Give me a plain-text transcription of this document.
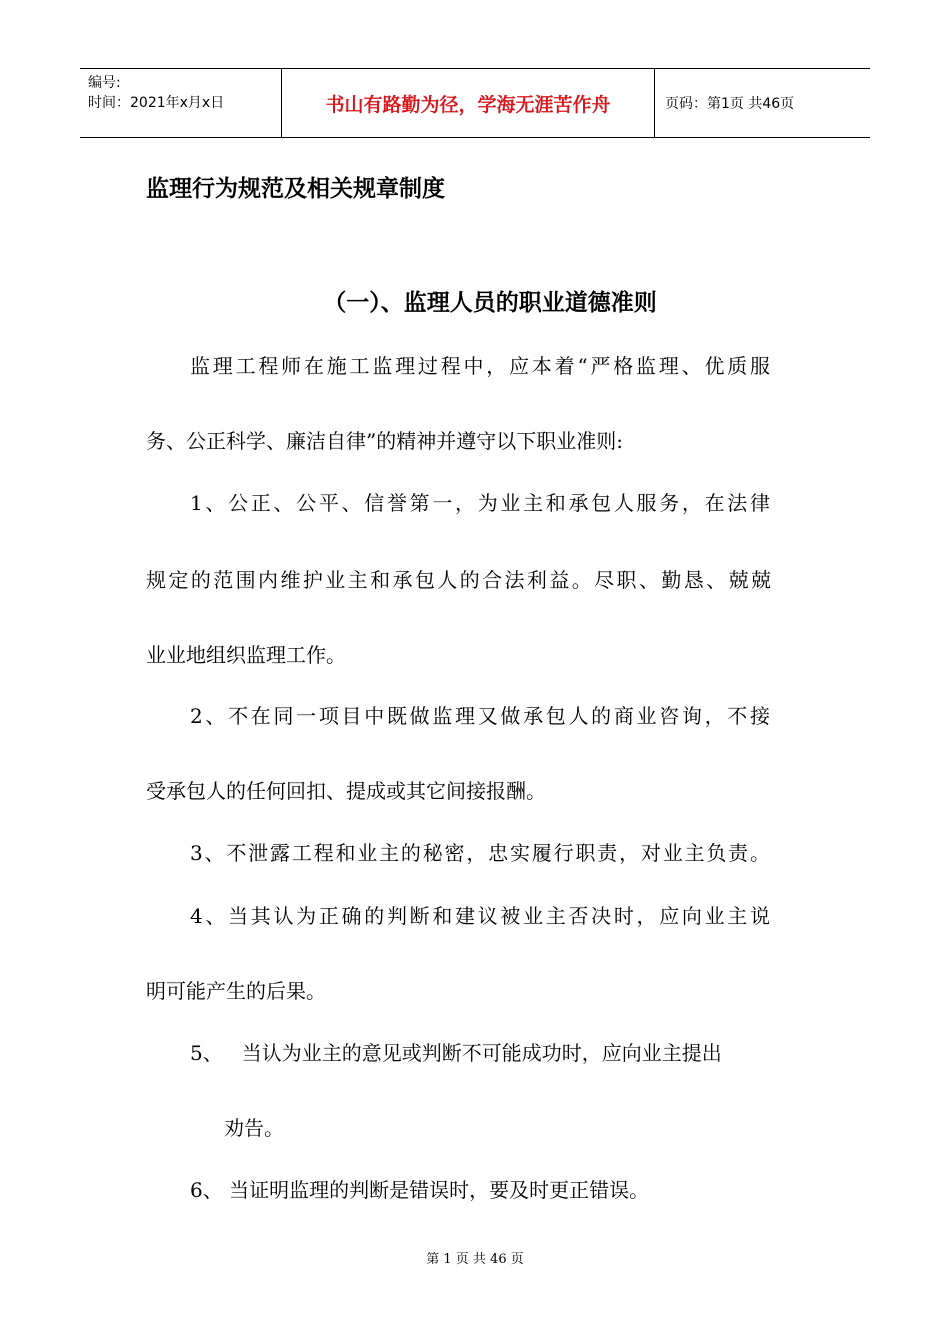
编号:
时间：2021年x月x日	书山有路勤为径，学海无涯苦作舟	页码：第1页 共46页
监理行为规范及相关规章制度
（一）、监理人员的职业道德准则
监理工程师在施工监理过程中，应本着“严格监理、优质服
务、公正科学、廉洁自律”的精神并遵守以下职业准则:
1、公正、公平、信誉第一，为业主和承包人服务，在法律
规定的范围内维护业主和承包人的合法利益。尽职、勤恳、兢兢
业业地组织监理工作。
2、不在同一项目中既做监理又做承包人的商业咨询，不接
受承包人的任何回扣、提成或其它间接报酬。
3、不泄露工程和业主的秘密，忠实履行职责，对业主负责。
4、当其认为正确的判断和建议被业主否决时，应向业主说
明可能产生的后果。
5、   当认为业主的意见或判断不可能成功时，应向业主提出
劝告。
6、 当证明监理的判断是错误时，要及时更正错误。
第 1 页 共 46 页
